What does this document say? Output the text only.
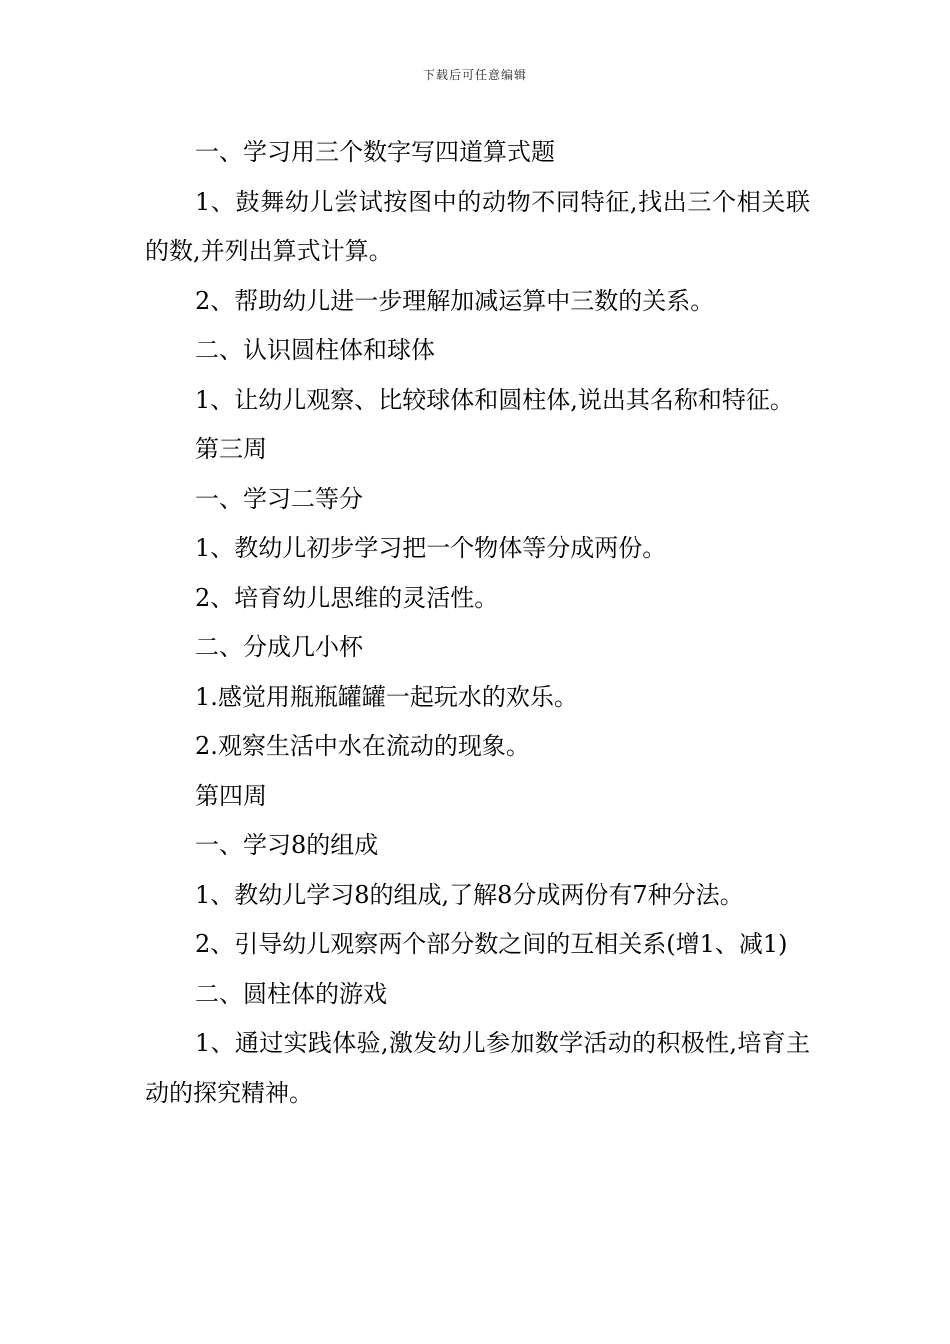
下载后可任意编辑

一、学习用三个数字写四道算式题

1、鼓舞幼儿尝试按图中的动物不同特征,找出三个相关联的数,并列出算式计算。

2、帮助幼儿进一步理解加减运算中三数的关系。

二、认识圆柱体和球体

1、让幼儿观察、比较球体和圆柱体,说出其名称和特征。

第三周

一、学习二等分

1、教幼儿初步学习把一个物体等分成两份。

2、培育幼儿思维的灵活性。

二、分成几小杯

1.感觉用瓶瓶罐罐一起玩水的欢乐。

2.观察生活中水在流动的现象。

第四周

一、学习8的组成

1、教幼儿学习8的组成,了解8分成两份有7种分法。

2、引导幼儿观察两个部分数之间的互相关系(增1、减1)

二、圆柱体的游戏

1、通过实践体验,激发幼儿参加数学活动的积极性,培育主动的探究精神。
